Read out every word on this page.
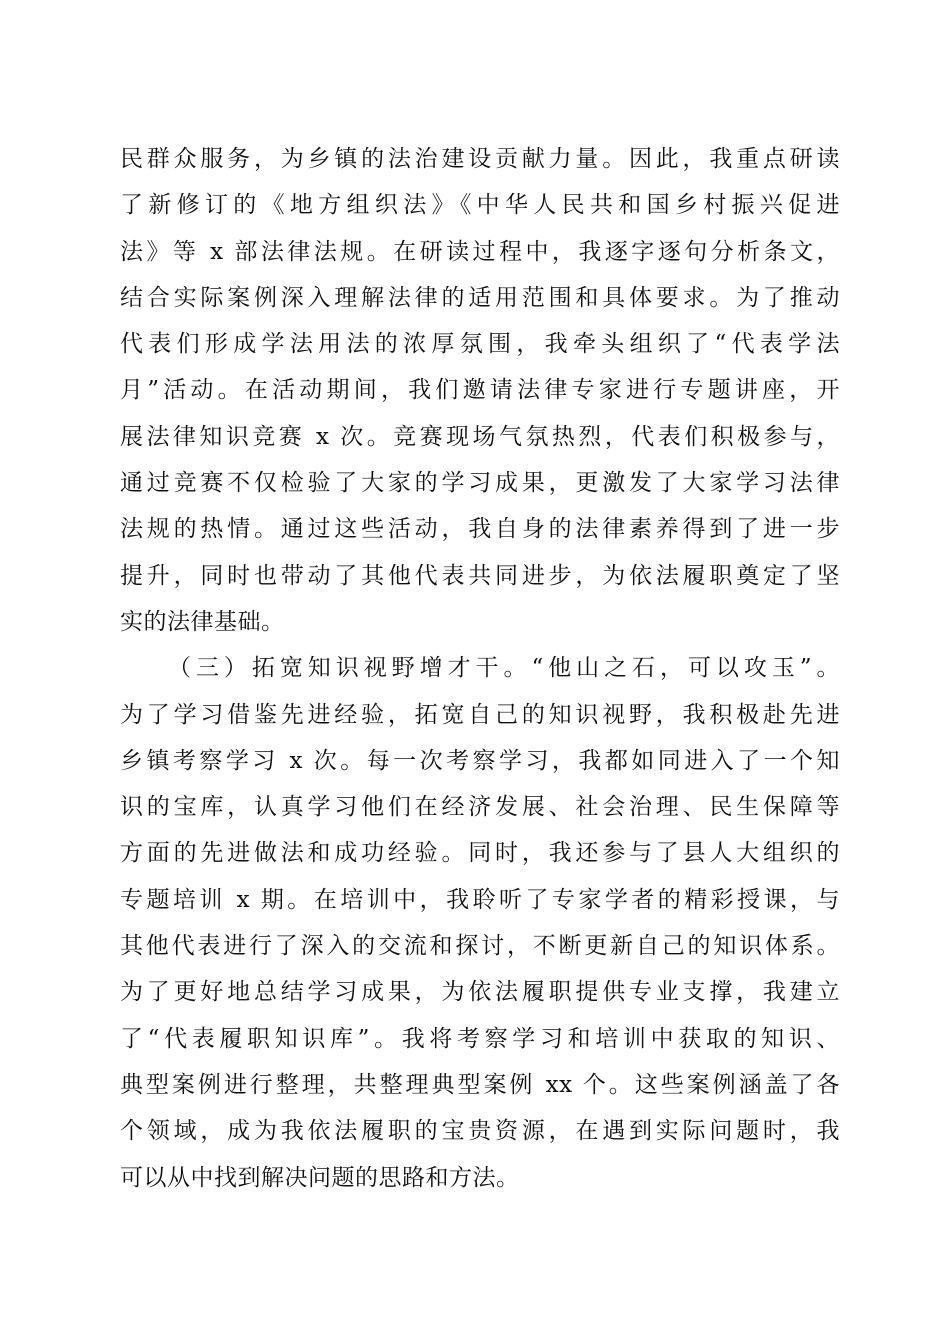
民群众服务，为乡镇的法治建设贡献力量。因此，我重点研读
了新修订的《地方组织法》《中华人民共和国乡村振兴促进
法》等 x 部法律法规。在研读过程中，我逐字逐句分析条文，
结合实际案例深入理解法律的适用范围和具体要求。为了推动
代表们形成学法用法的浓厚氛围，我牵头组织了“代表学法
月”活动。在活动期间，我们邀请法律专家进行专题讲座，开
展法律知识竞赛 x 次。竞赛现场气氛热烈，代表们积极参与，
通过竞赛不仅检验了大家的学习成果，更激发了大家学习法律
法规的热情。通过这些活动，我自身的法律素养得到了进一步
提升，同时也带动了其他代表共同进步，为依法履职奠定了坚
实的法律基础。
（三）拓宽知识视野增才干。“他山之石，可以攻玉”。
为了学习借鉴先进经验，拓宽自己的知识视野，我积极赴先进
乡镇考察学习 x 次。每一次考察学习，我都如同进入了一个知
识的宝库，认真学习他们在经济发展、社会治理、民生保障等
方面的先进做法和成功经验。同时，我还参与了县人大组织的
专题培训 x 期。在培训中，我聆听了专家学者的精彩授课，与
其他代表进行了深入的交流和探讨，不断更新自己的知识体系。
为了更好地总结学习成果，为依法履职提供专业支撑，我建立
了“代表履职知识库”。我将考察学习和培训中获取的知识、
典型案例进行整理，共整理典型案例 xx 个。这些案例涵盖了各
个领域，成为我依法履职的宝贵资源，在遇到实际问题时，我
可以从中找到解决问题的思路和方法。
